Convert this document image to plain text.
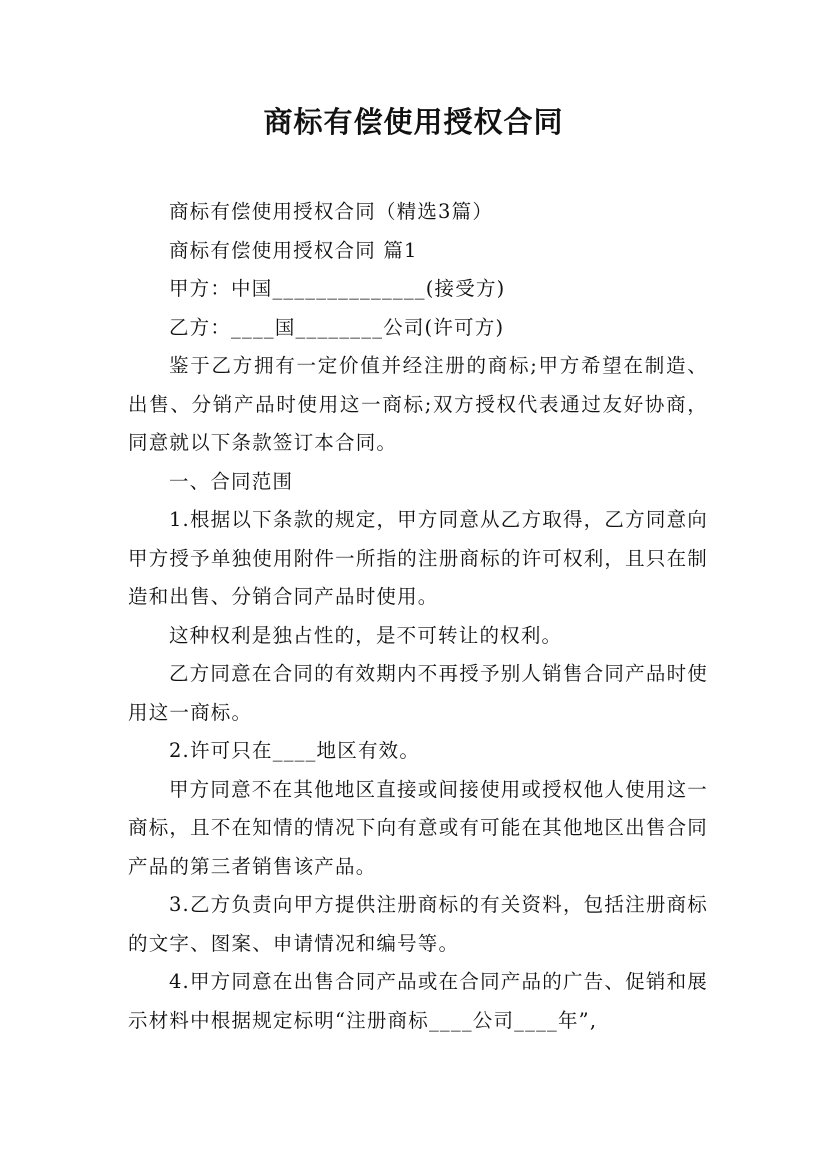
商标有偿使用授权合同

商标有偿使用授权合同（精选3篇）

商标有偿使用授权合同 篇1

甲方：中国______________(接受方)

乙方：____国________公司(许可方)

鉴于乙方拥有一定价值并经注册的商标;甲方希望在制造、出售、分销产品时使用这一商标;双方授权代表通过友好协商，同意就以下条款签订本合同。

一、合同范围

1.根据以下条款的规定，甲方同意从乙方取得，乙方同意向甲方授予单独使用附件一所指的注册商标的许可权利，且只在制造和出售、分销合同产品时使用。

这种权利是独占性的，是不可转让的权利。

乙方同意在合同的有效期内不再授予别人销售合同产品时使用这一商标。

2.许可只在____地区有效。

甲方同意不在其他地区直接或间接使用或授权他人使用这一商标，且不在知情的情况下向有意或有可能在其他地区出售合同产品的第三者销售该产品。

3.乙方负责向甲方提供注册商标的有关资料，包括注册商标的文字、图案、申请情况和编号等。

4.甲方同意在出售合同产品或在合同产品的广告、促销和展示材料中根据规定标明“注册商标____公司____年”,
